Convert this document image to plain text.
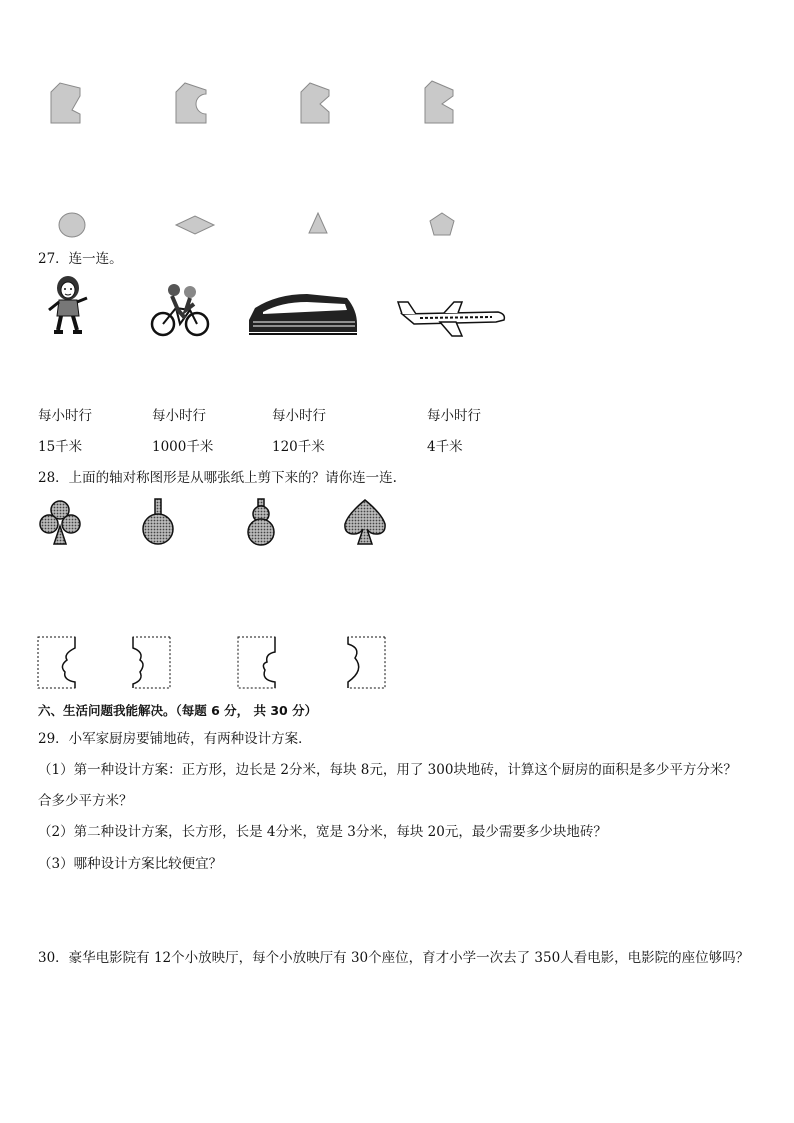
27．连一连。
每小时行
15千米
每小时行
1000千米
每小时行
120千米
每小时行
4千米
28．上面的轴对称图形是从哪张纸上剪下来的？请你连一连.
六、生活问题我能解决。（每题 6 分， 共 30 分）
29．小军家厨房要铺地砖，有两种设计方案．
（1）第一种设计方案：正方形，边长是 2分米，每块 8元，用了 300块地砖，计算这个厨房的面积是多少平方分米？
合多少平方米？
（2）第二种设计方案，长方形，长是 4分米，宽是 3分米，每块 20元，最少需要多少块地砖？
（3）哪种设计方案比较便宜？
30．豪华电影院有 12个小放映厅，每个小放映厅有 30个座位，育才小学一次去了 350人看电影，电影院的座位够吗？
